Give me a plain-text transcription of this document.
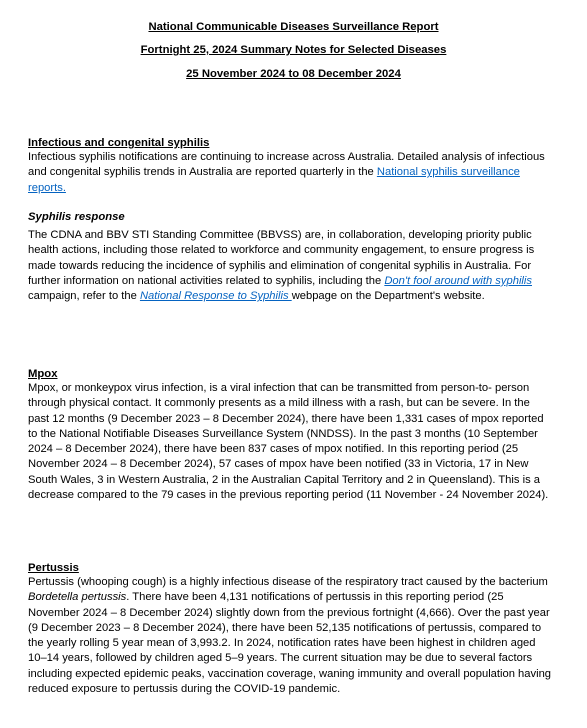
National Communicable Diseases Surveillance Report
Fortnight 25, 2024 Summary Notes for Selected Diseases
25 November 2024 to 08 December 2024
Infectious and congenital syphilis

Infectious syphilis notifications are continuing to increase across Australia. Detailed analysis of infectious and congenital syphilis trends in Australia are reported quarterly in the National syphilis surveillance reports.

Syphilis response

The CDNA and BBV STI Standing Committee (BBVSS) are, in collaboration, developing priority public health actions, including those related to workforce and community engagement, to ensure progress is made towards reducing the incidence of syphilis and elimination of congenital syphilis in Australia. For further information on national activities related to syphilis, including the Don't fool around with syphilis campaign, refer to the National Response to Syphilis webpage on the Department's website.

Mpox

Mpox, or monkeypox virus infection, is a viral infection that can be transmitted from person-to- person through physical contact. It commonly presents as a mild illness with a rash, but can be severe. In the past 12 months (9 December 2023 – 8 December 2024), there have been 1,331 cases of mpox reported to the National Notifiable Diseases Surveillance System (NNDSS). In the past 3 months (10 September 2024 – 8 December 2024), there have been 837 cases of mpox notified. In this reporting period (25 November 2024 – 8 December 2024), 57 cases of mpox have been notified (33 in Victoria, 17 in New South Wales, 3 in Western Australia, 2 in the Australian Capital Territory and 2 in Queensland). This is a decrease compared to the 79 cases in the previous reporting period (11 November - 24 November 2024).

Pertussis

Pertussis (whooping cough) is a highly infectious disease of the respiratory tract caused by the bacterium Bordetella pertussis. There have been 4,131 notifications of pertussis in this reporting period (25 November 2024 – 8 December 2024) slightly down from the previous fortnight (4,666). Over the past year (9 December 2023 – 8 December 2024), there have been 52,135 notifications of pertussis, compared to the yearly rolling 5 year mean of 3,993.2. In 2024, notification rates have been highest in children aged 10–14 years, followed by children aged 5–9 years. The current situation may be due to several factors including expected epidemic peaks, vaccination coverage, waning immunity and overall population having reduced exposure to pertussis during the COVID-19 pandemic.
